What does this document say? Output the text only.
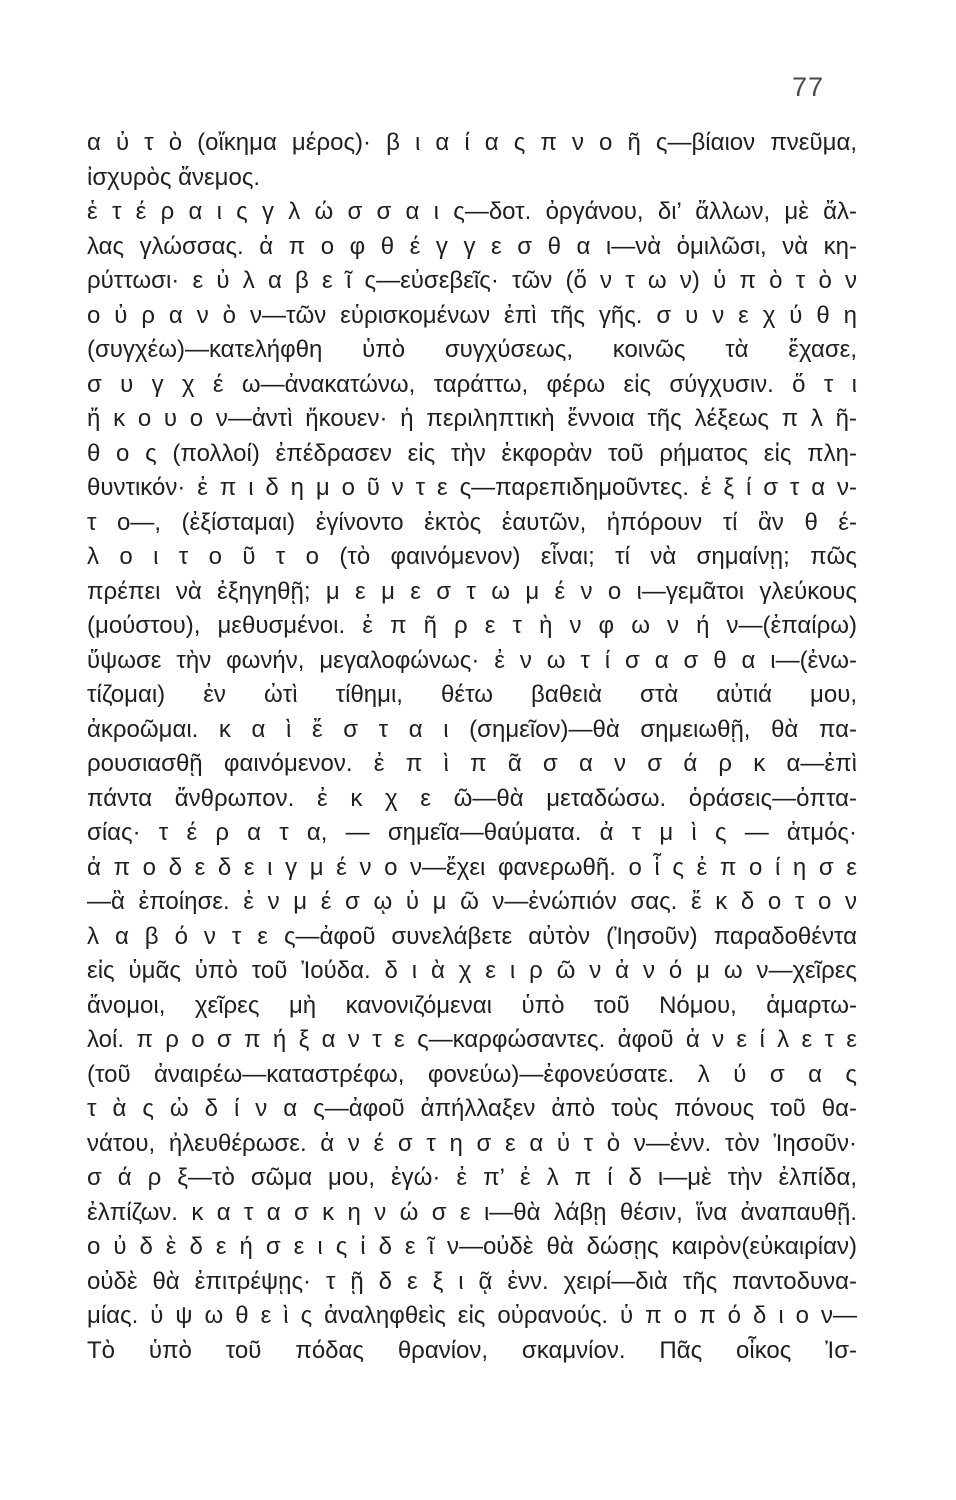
77
α ὐ τ ὸ (οἴκημα μέρος)· β ι α ί α ς π ν ο ῆ ς—βίαιον πνεῦμα,
ἰσχυρὸς ἄνεμος.
ἑ τ έ ρ α ι ς γ λ ώ σ σ α ι ς—δοτ. ὀργάνου, δι’ ἄλλων, μὲ ἄλ-
λας γλώσσας. ἀ π ο φ θ έ γ γ ε σ θ α ι—νὰ ὁμιλῶσι, νὰ κη-
ρύττωσι· ε ὐ λ α β ε ῖ ς—εὐσεβεῖς· τῶν (ὄ ν τ ω ν) ὑ π ὸ τ ὸ ν
ο ὐ ρ α ν ὸ ν—τῶν εὑρισκομένων ἐπὶ τῆς γῆς. σ υ ν ε χ ύ θ η
(συγχέω)—κατελήφθη ὑπὸ συγχύσεως, κοινῶς τὰ ἔχασε,
σ υ γ χ έ ω—ἀνακατώνω, ταράττω, φέρω εἰς σύγχυσιν. ὅ τ ι
ἤ κ ο υ ο ν—ἀντὶ ἤκουεν· ἡ περιληπτικὴ ἔννοια τῆς λέξεως π λ ῆ-
θ ο ς (πολλοί) ἐπέδρασεν εἰς τὴν ἐκφορὰν τοῦ ρήματος εἰς πλη-
θυντικόν· ἐ π ι δ η μ ο ῦ ν τ ε ς—παρεπιδημοῦντες. ἐ ξ ί σ τ α ν-
τ ο—, (ἐξίσταμαι) ἐγίνοντο ἐκτὸς ἑαυτῶν, ἠπόρουν τί ἂν θ έ-
λ ο ι τ ο ῦ τ ο (τὸ φαινόμενον) εἶναι; τί νὰ σημαίνῃ; πῶς
πρέπει νὰ ἐξηγηθῇ; μ ε μ ε σ τ ω μ έ ν ο ι—γεμᾶτοι γλεύκους
(μούστου), μεθυσμένοι. ἐ π ῆ ρ ε τ ὴ ν φ ω ν ή ν—(ἐπαίρω)
ὕψωσε τὴν φωνήν, μεγαλοφώνως· ἐ ν ω τ ί σ α σ θ α ι—(ἐνω-
τίζομαι) ἐν ὠτὶ τίθημι, θέτω βαθειὰ στὰ αὐτιά μου,
ἀκροῶμαι. κ α ὶ ἔ σ τ α ι (σημεῖον)—θὰ σημειωθῇ, θὰ πα-
ρουσιασθῇ φαινόμενον. ἐ π ὶ π ᾶ σ α ν σ ά ρ κ α—ἐπὶ
πάντα ἄνθρωπον. ἐ κ χ ε ῶ—θὰ μεταδώσω. ὁράσεις—ὀπτα-
σίας· τ έ ρ α τ α, — σημεῖα—θαύματα. ἀ τ μ ὶ ς — ἀτμός·
ἀ π ο δ ε δ ε ι γ μ έ ν ο ν—ἔχει φανερωθῆ. ο ἷ ς ἐ π ο ί η σ ε
—ἃ ἐποίησε. ἐ ν μ έ σ ῳ ὑ μ ῶ ν—ἐνώπιόν σας. ἔ κ δ ο τ ο ν
λ α β ό ν τ ε ς—ἀφοῦ συνελάβετε αὐτὸν (Ἰησοῦν) παραδοθέντα
εἰς ὑμᾶς ὑπὸ τοῦ Ἰούδα. δ ι ὰ χ ε ι ρ ῶ ν ἀ ν ό μ ω ν—χεῖρες
ἄνομοι, χεῖρες μὴ κανονιζόμεναι ὑπὸ τοῦ Νόμου, ἁμαρτω-
λοί. π ρ ο σ π ή ξ α ν τ ε ς—καρφώσαντες. ἀφοῦ ἀ ν ε ί λ ε τ ε
(τοῦ ἀναιρέω—καταστρέφω, φονεύω)—ἐφονεύσατε. λ ύ σ α ς
τ ὰ ς ὠ δ ί ν α ς—ἀφοῦ ἀπήλλαξεν ἀπὸ τοὺς πόνους τοῦ θα-
νάτου, ἠλευθέρωσε. ἀ ν έ σ τ η σ ε α ὐ τ ὸ ν—ἐνν. τὸν Ἰησοῦν·
σ ά ρ ξ—τὸ σῶμα μου, ἐγώ· ἐ π’ ἐ λ π ί δ ι—μὲ τὴν ἐλπίδα,
ἐλπίζων. κ α τ α σ κ η ν ώ σ ε ι—θὰ λάβῃ θέσιν, ἵνα ἀναπαυθῇ.
ο ὐ δ ὲ δ ε ή σ ε ι ς ἰ δ ε ῖ ν—οὐδὲ θὰ δώσῃς καιρὸν(εὐκαιρίαν)
οὐδὲ θὰ ἐπιτρέψῃς· τ ῇ δ ε ξ ι ᾷ ἐνν. χειρί—διὰ τῆς παντοδυνα-
μίας. ὑ ψ ω θ ε ὶ ς ἀναληφθεὶς εἰς οὐρανούς. ὑ π ο π ό δ ι ο ν—
Τὸ ὑπὸ τοῦ πόδας θρανίον, σκαμνίον. Πᾶς οἶκος Ἰσ-
